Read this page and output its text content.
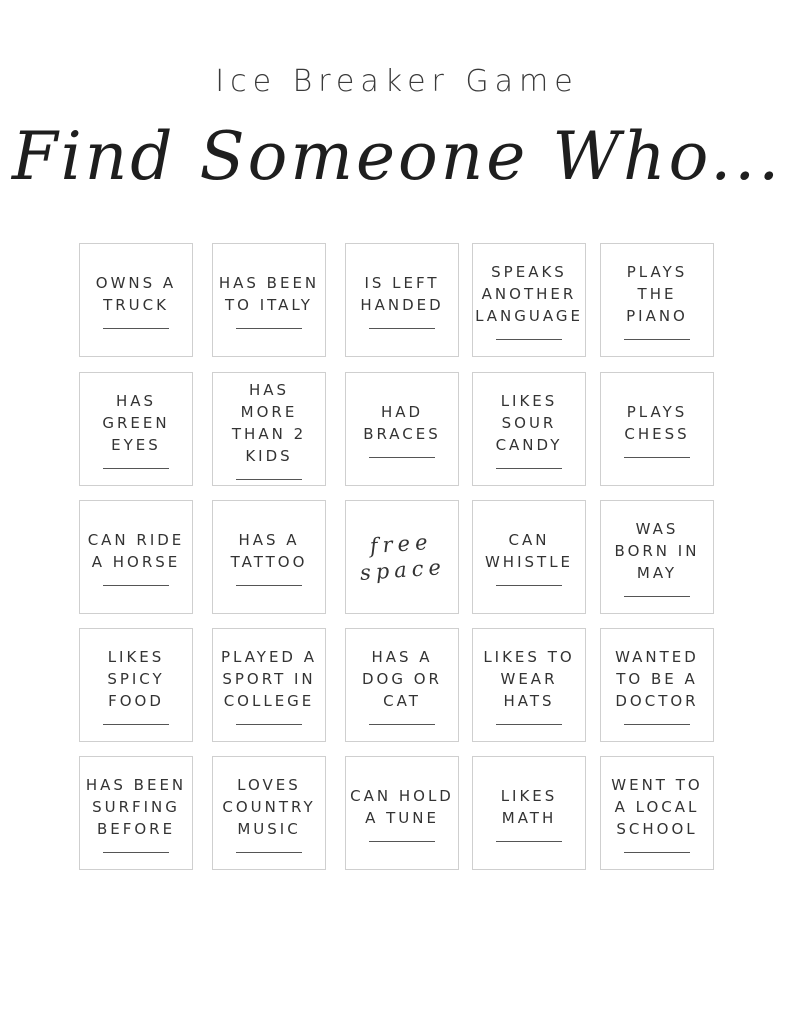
Ice Breaker Game
Find Someone Who...
OWNS A TRUCK
HAS BEEN TO ITALY
IS LEFT HANDED
SPEAKS ANOTHER LANGUAGE
PLAYS THE PIANO
HAS GREEN EYES
HAS MORE THAN 2 KIDS
HAD BRACES
LIKES SOUR CANDY
PLAYS CHESS
CAN RIDE A HORSE
HAS A TATTOO
free space
CAN WHISTLE
WAS BORN IN MAY
LIKES SPICY FOOD
PLAYED A SPORT IN COLLEGE
HAS A DOG OR CAT
LIKES TO WEAR HATS
WANTED TO BE A DOCTOR
HAS BEEN SURFING BEFORE
LOVES COUNTRY MUSIC
CAN HOLD A TUNE
LIKES MATH
WENT TO A LOCAL SCHOOL
